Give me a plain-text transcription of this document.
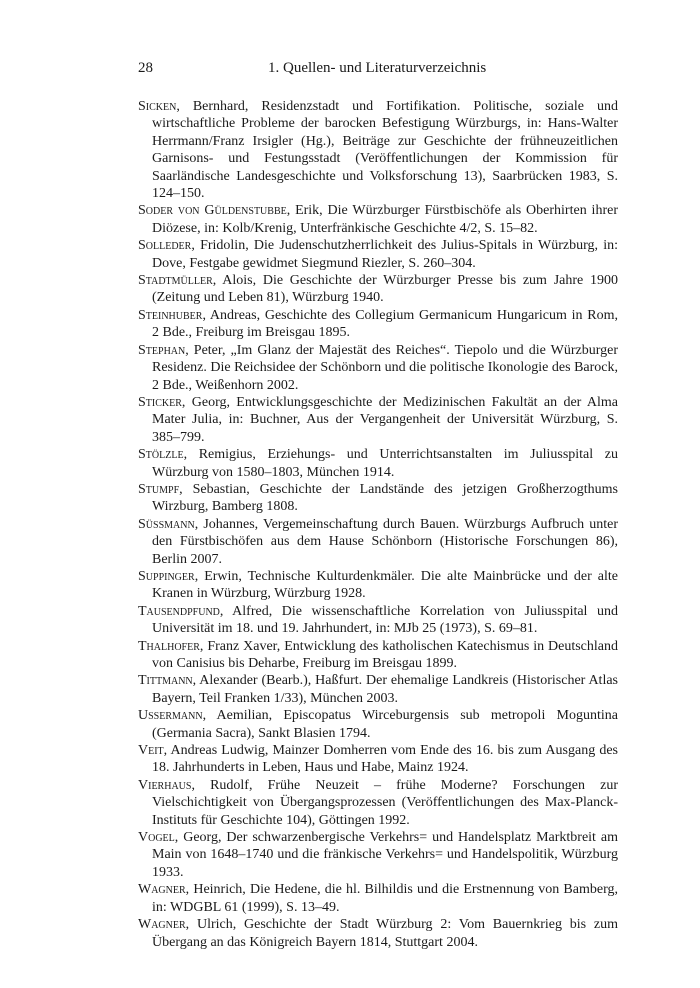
28	1. Quellen- und Literaturverzeichnis
Sicken, Bernhard, Residenzstadt und Fortifikation. Politische, soziale und wirtschaftliche Probleme der barocken Befestigung Würzburgs, in: Hans-Walter Herrmann/Franz Irsigler (Hg.), Beiträge zur Geschichte der frühneuzeitlichen Garnisons- und Festungsstadt (Veröffentlichungen der Kommission für Saarländische Landesgeschichte und Volksforschung 13), Saarbrücken 1983, S. 124–150.
Soder von Güldenstubbe, Erik, Die Würzburger Fürstbischöfe als Oberhirten ihrer Diözese, in: Kolb/Krenig, Unterfränkische Geschichte 4/2, S. 15–82.
Solleder, Fridolin, Die Judenschutzherrlichkeit des Julius-Spitals in Würzburg, in: Dove, Festgabe gewidmet Siegmund Riezler, S. 260–304.
Stadtmüller, Alois, Die Geschichte der Würzburger Presse bis zum Jahre 1900 (Zeitung und Leben 81), Würzburg 1940.
Steinhuber, Andreas, Geschichte des Collegium Germanicum Hungaricum in Rom, 2 Bde., Freiburg im Breisgau 1895.
Stephan, Peter, „Im Glanz der Majestät des Reiches“. Tiepolo und die Würzburger Residenz. Die Reichsidee der Schönborn und die politische Ikonologie des Barock, 2 Bde., Weißenhorn 2002.
Sticker, Georg, Entwicklungsgeschichte der Medizinischen Fakultät an der Alma Mater Julia, in: Buchner, Aus der Vergangenheit der Universität Würzburg, S. 385–799.
Stölzle, Remigius, Erziehungs- und Unterrichtsanstalten im Juliusspital zu Würzburg von 1580–1803, München 1914.
Stumpf, Sebastian, Geschichte der Landstände des jetzigen Großherzogthums Wirzburg, Bamberg 1808.
Süssmann, Johannes, Vergemeinschaftung durch Bauen. Würzburgs Aufbruch unter den Fürstbischöfen aus dem Hause Schönborn (Historische Forschungen 86), Berlin 2007.
Suppinger, Erwin, Technische Kulturdenkmäler. Die alte Mainbrücke und der alte Kranen in Würzburg, Würzburg 1928.
Tausendpfund, Alfred, Die wissenschaftliche Korrelation von Juliusspital und Universität im 18. und 19. Jahrhundert, in: MJb 25 (1973), S. 69–81.
Thalhofer, Franz Xaver, Entwicklung des katholischen Katechismus in Deutschland von Canisius bis Deharbe, Freiburg im Breisgau 1899.
Tittmann, Alexander (Bearb.), Haßfurt. Der ehemalige Landkreis (Historischer Atlas Bayern, Teil Franken 1/33), München 2003.
Ussermann, Aemilian, Episcopatus Wirceburgensis sub metropoli Moguntina (Germania Sacra), Sankt Blasien 1794.
Veit, Andreas Ludwig, Mainzer Domherren vom Ende des 16. bis zum Ausgang des 18. Jahrhunderts in Leben, Haus und Habe, Mainz 1924.
Vierhaus, Rudolf, Frühe Neuzeit – frühe Moderne? Forschungen zur Vielschichtigkeit von Übergangsprozessen (Veröffentlichungen des Max-Planck-Instituts für Geschichte 104), Göttingen 1992.
Vogel, Georg, Der schwarzenbergische Verkehrs= und Handelsplatz Marktbreit am Main von 1648–1740 und die fränkische Verkehrs= und Handelspolitik, Würzburg 1933.
Wagner, Heinrich, Die Hedene, die hl. Bilhildis und die Erstnennung von Bamberg, in: WDGBL 61 (1999), S. 13–49.
Wagner, Ulrich, Geschichte der Stadt Würzburg 2: Vom Bauernkrieg bis zum Übergang an das Königreich Bayern 1814, Stuttgart 2004.
